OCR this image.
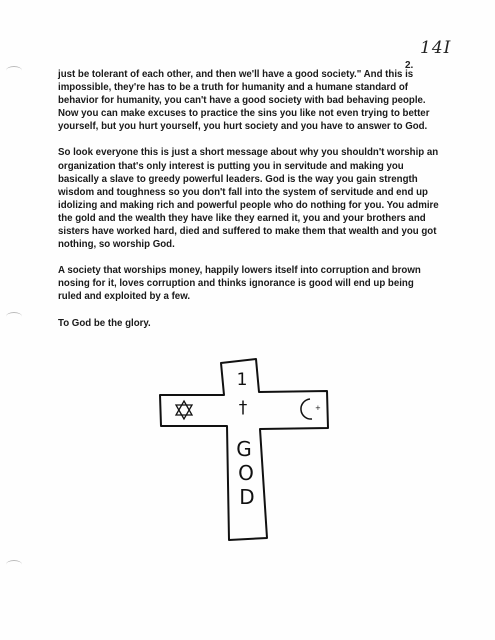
14I
2.

just be tolerant of each other, and then we'll have a good society." And this is impossible, they're has to be a truth for humanity and a humane standard of behavior for humanity, you can't have a good society with bad behaving people. Now you can make excuses to practice the sins you like not even trying to better yourself, but you hurt yourself, you hurt society and you have to answer to God.

So look everyone this is just a short message about why you shouldn't worship an organization that's only interest is putting you in servitude and making you basically a slave to greedy powerful leaders. God is the way you gain strength wisdom and toughness so you don't fall into the system of servitude and end up idolizing and making rich and powerful people who do nothing for you. You admire the gold and the wealth they have like they earned it, you and your brothers and sisters have worked hard, died and suffered to make them that wealth and you got nothing, so worship God.

A society that worships money, happily lowers itself into corruption and brown nosing for it, loves corruption and thinks ignorance is good will end up being ruled and exploited by a few.

To God be the glory.

1
†
G
O
D
+
